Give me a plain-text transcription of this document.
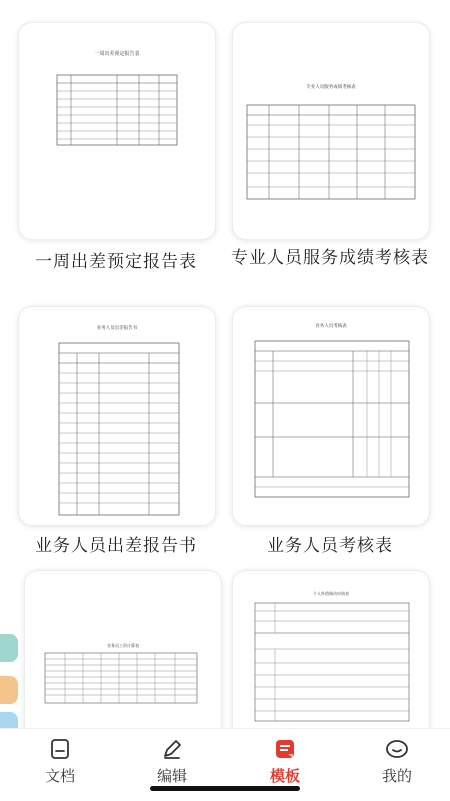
一周出差预定报告表
一周出差预定报告表
专业人员服务成绩考核表
专业人员服务成绩考核表
业务人员出差报告书
业务人员出差报告书
业务人员考核表
业务人员考核表
业务员工资计算表
个人外借调动申请表
文档	编辑	模板	我的
